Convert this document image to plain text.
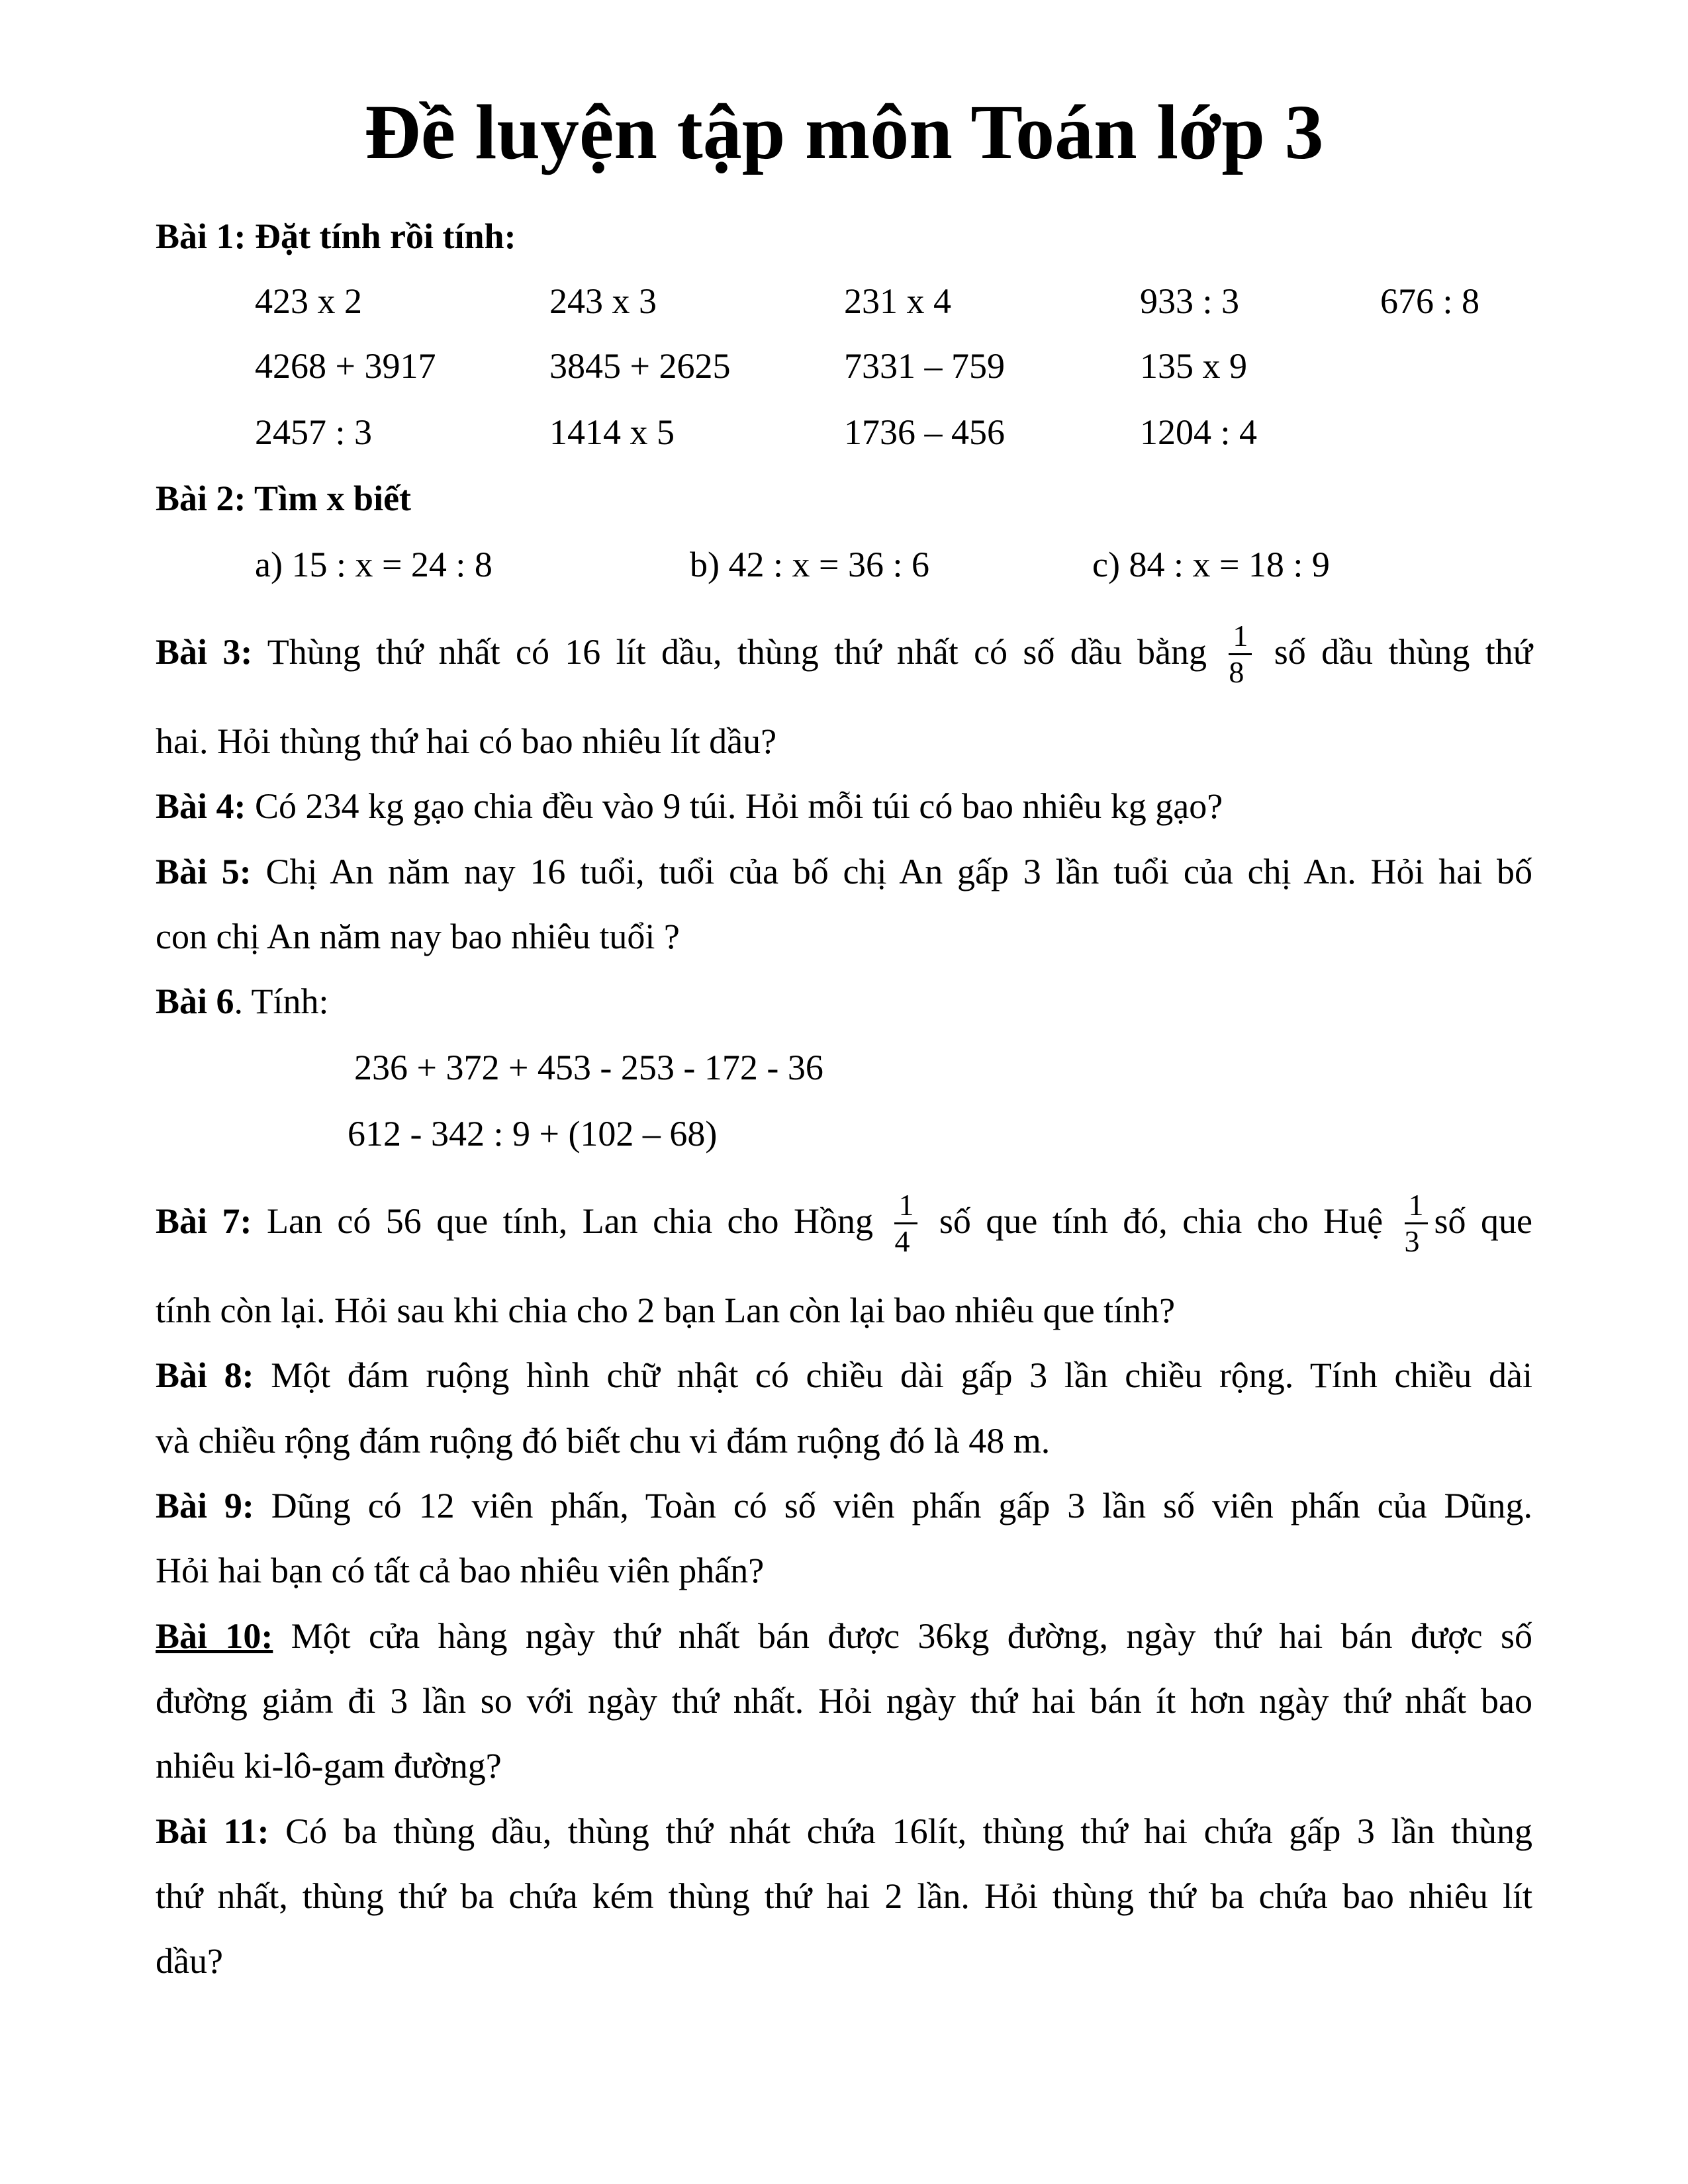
Đề luyện tập môn Toán lớp 3
Bài 1: Đặt tính rồi tính:
423 x 2	243 x 3	231 x 4	933 : 3	676 : 8
4268 + 3917	3845 + 2625	7331 – 759	135 x 9
2457 : 3	1414 x 5	1736 – 456	1204 : 4
Bài 2: Tìm x biết
a) 15 : x = 24 : 8	b) 42 : x = 36 : 6	c) 84 : x = 18 : 9
Bài 3: Thùng thứ nhất có 16 lít dầu, thùng thứ nhất có số dầu bằng $\frac{1}{8}$ số dầu thùng thứ
hai. Hỏi thùng thứ hai có bao nhiêu lít dầu?
Bài 4: Có 234 kg gạo chia đều vào 9 túi. Hỏi mỗi túi có bao nhiêu kg gạo?
Bài 5: Chị An năm nay 16 tuổi, tuổi của bố chị An gấp 3 lần tuổi của chị An. Hỏi hai bố
con chị An năm nay bao nhiêu tuổi ?
Bài 6. Tính:
236 + 372 + 453 - 253 - 172 - 36
612 - 342 : 9 + (102 – 68)
Bài 7: Lan có 56 que tính, Lan chia cho Hồng $\frac{1}{4}$ số que tính đó, chia cho Huệ $\frac{1}{3}$ số que
tính còn lại. Hỏi sau khi chia cho 2 bạn Lan còn lại bao nhiêu que tính?
Bài 8: Một đám ruộng hình chữ nhật có chiều dài gấp 3 lần chiều rộng. Tính chiều dài
và chiều rộng đám ruộng đó biết chu vi đám ruộng đó là 48 m.
Bài 9: Dũng có 12 viên phấn, Toàn có số viên phấn gấp 3 lần số viên phấn của Dũng.
Hỏi hai bạn có tất cả bao nhiêu viên phấn?
Bài 10: Một cửa hàng ngày thứ nhất bán được 36kg đường, ngày thứ hai bán được số
đường giảm đi 3 lần so với ngày thứ nhất. Hỏi ngày thứ hai bán ít hơn ngày thứ nhất bao
nhiêu ki-lô-gam đường?
Bài 11: Có ba thùng dầu, thùng thứ nhát chứa 16lít, thùng thứ hai chứa gấp 3 lần thùng
thứ nhất, thùng thứ ba chứa kém thùng thứ hai 2 lần. Hỏi thùng thứ ba chứa bao nhiêu lít
dầu?
